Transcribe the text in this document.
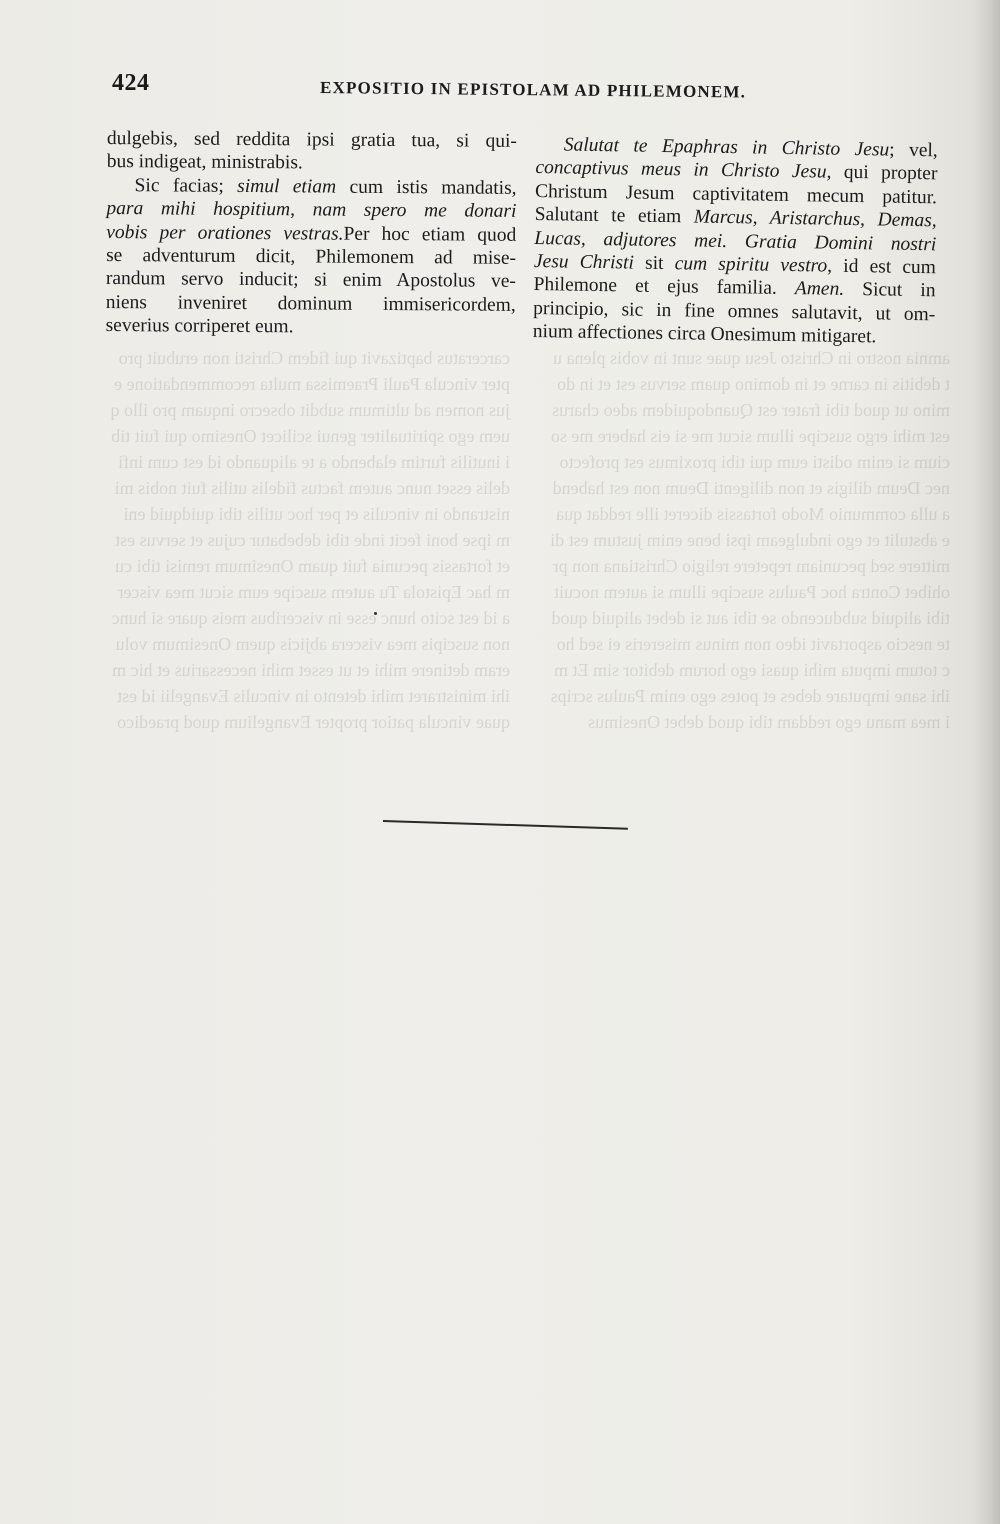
amnia nostro in Christo Jesu quae sunt in vobis plena ut debitis in carne et in domino quam servus est et in domino ut quod tibi frater est Quandoquidem adeo charus est mihi ergo suscipe illum sicut me si eis habere me socium si enim odisti eum qui tibi proximus est profecto nec Deum diligis et non diligenti Deum non est habenda ulla communio Modo fortassis diceret ille reddat quae abstulit et ego indulgeam ipsi bene enim justum est dimittere sed pecuniam repetere religio Christiana non prohibet Contra hoc Paulus suscipe illum si autem nocuit tibi aliquid subducendo se tibi aut si debet aliquid quod te nescio asportavit ideo non minus misereris ei sed hoc totum imputa mihi quasi ego horum debitor sim Et mihi sane imputare debes et potes ego enim Paulus scripsi mea manu ego reddam tibi quod debet Onesimus
carceratus baptizavit qui fidem Christi non erubuit propter vincula Pauli Praemissa multa recommendatione ejus nomen ad ultimum subdit obsecro inquam pro illo quem ego spiritualiter genui scilicet Onesimo qui fuit tibi inutilis furtim elabendo a te aliquando id est cum infidelis esset nunc autem factus fidelis utilis fuit nobis ministrando in vinculis et per hoc utilis tibi quidquid enim ipse boni fecit inde tibi debebatur cujus et servus est et fortassis pecunia fuit quam Onesimum remisi tibi cum hac Epistola Tu autem suscipe eum sicut mea viscera id est scito hunc esse in visceribus meis quare si hunc non suscipis mea viscera abjicis quem Onesimum volueram detinere mihi et ut esset mihi necessarius et hic mihi ministraret mihi detento in vinculis Evangelii id est quae vincula patior propter Evangelium quod praedico
424	EXPOSITIO IN EPISTOLAM AD PHILEMONEM.
dulgebis, sed reddita ipsi gratia tua, si qui-
bus indigeat, ministrabis.
Sic facias; simul etiam cum istis mandatis,
para mihi hospitium, nam spero me donari
vobis per orationes vestras.Per hoc etiam quod
se adventurum dicit, Philemonem ad mise-
randum servo inducit; si enim Apostolus ve-
niens inveniret dominum immisericordem,
severius corriperet eum.
Salutat te Epaphras in Christo Jesu; vel,
concaptivus meus in Christo Jesu, qui propter
Christum Jesum captivitatem mecum patitur.
Salutant te etiam Marcus, Aristarchus, Demas,
Lucas, adjutores mei. Gratia Domini nostri
Jesu Christi sit cum spiritu vestro, id est cum
Philemone et ejus familia. Amen. Sicut in
principio, sic in fine omnes salutavit, ut om-
nium affectiones circa Onesimum mitigaret.
